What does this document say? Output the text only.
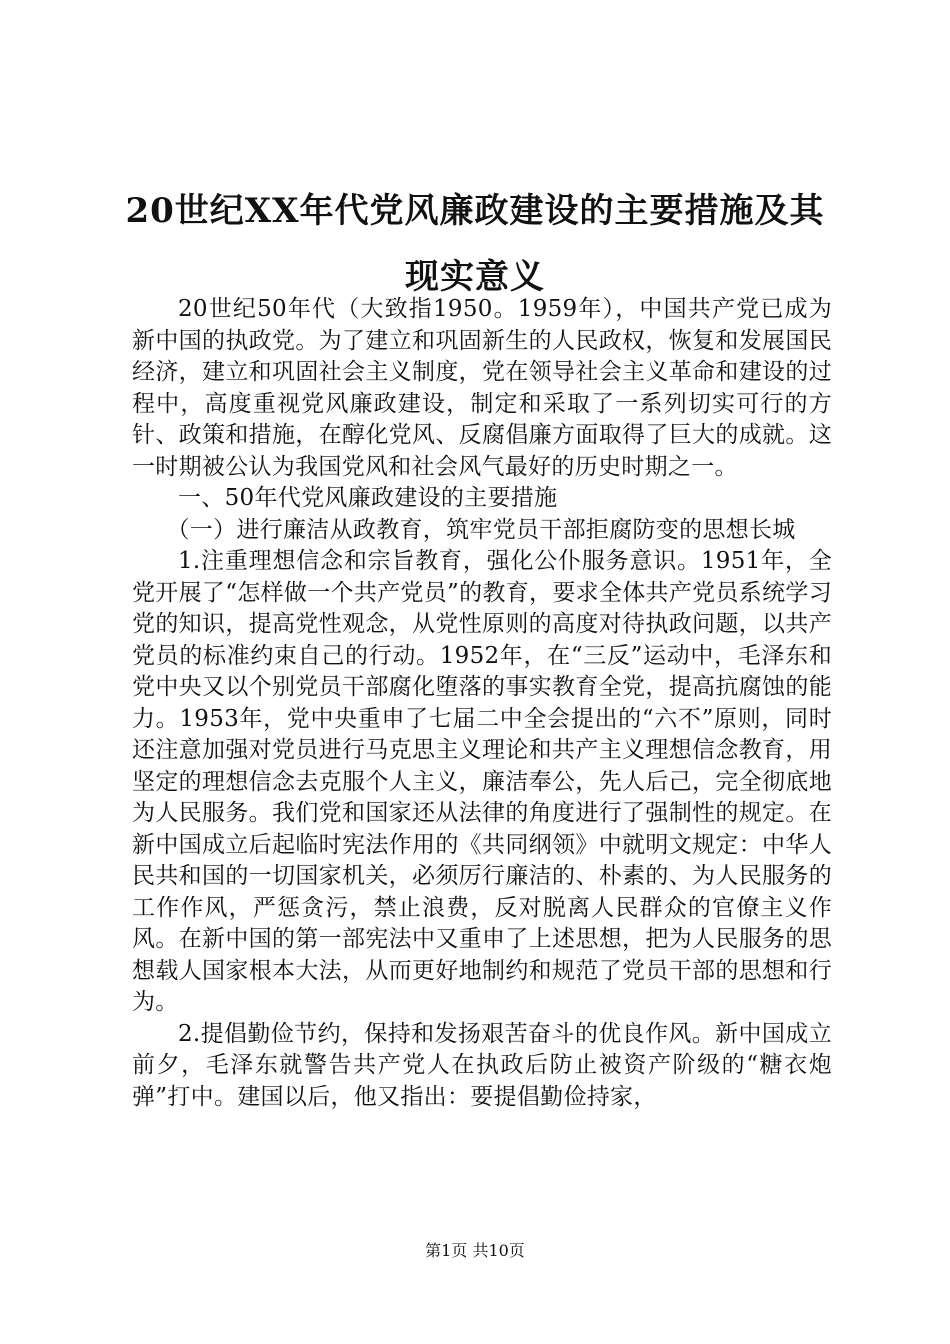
20世纪XX年代党风廉政建设的主要措施及其
现实意义

20世纪50年代（大致指1950。1959年），中国共产党已成为新中国的执政党。为了建立和巩固新生的人民政权，恢复和发展国民经济，建立和巩固社会主义制度，党在领导社会主义革命和建设的过程中，高度重视党风廉政建设，制定和采取了一系列切实可行的方针、政策和措施，在醇化党风、反腐倡廉方面取得了巨大的成就。这一时期被公认为我国党风和社会风气最好的历史时期之一。

一、50年代党风廉政建设的主要措施

（一）进行廉洁从政教育，筑牢党员干部拒腐防变的思想长城

1.注重理想信念和宗旨教育，强化公仆服务意识。1951年，全党开展了“怎样做一个共产党员”的教育，要求全体共产党员系统学习党的知识，提高党性观念，从党性原则的高度对待执政问题，以共产党员的标准约束自己的行动。1952年，在“三反”运动中，毛泽东和党中央又以个别党员干部腐化堕落的事实教育全党，提高抗腐蚀的能力。1953年，党中央重申了七届二中全会提出的“六不”原则，同时还注意加强对党员进行马克思主义理论和共产主义理想信念教育，用坚定的理想信念去克服个人主义，廉洁奉公，先人后己，完全彻底地为人民服务。我们党和国家还从法律的角度进行了强制性的规定。在新中国成立后起临时宪法作用的《共同纲领》中就明文规定：中华人民共和国的一切国家机关，必须厉行廉洁的、朴素的、为人民服务的工作作风，严惩贪污，禁止浪费，反对脱离人民群众的官僚主义作风。在新中国的第一部宪法中又重申了上述思想，把为人民服务的思想载人国家根本大法，从而更好地制约和规范了党员干部的思想和行为。

2.提倡勤俭节约，保持和发扬艰苦奋斗的优良作风。新中国成立前夕，毛泽东就警告共产党人在执政后防止被资产阶级的“糖衣炮弹”打中。建国以后，他又指出：要提倡勤俭持家，

第1页 共10页
